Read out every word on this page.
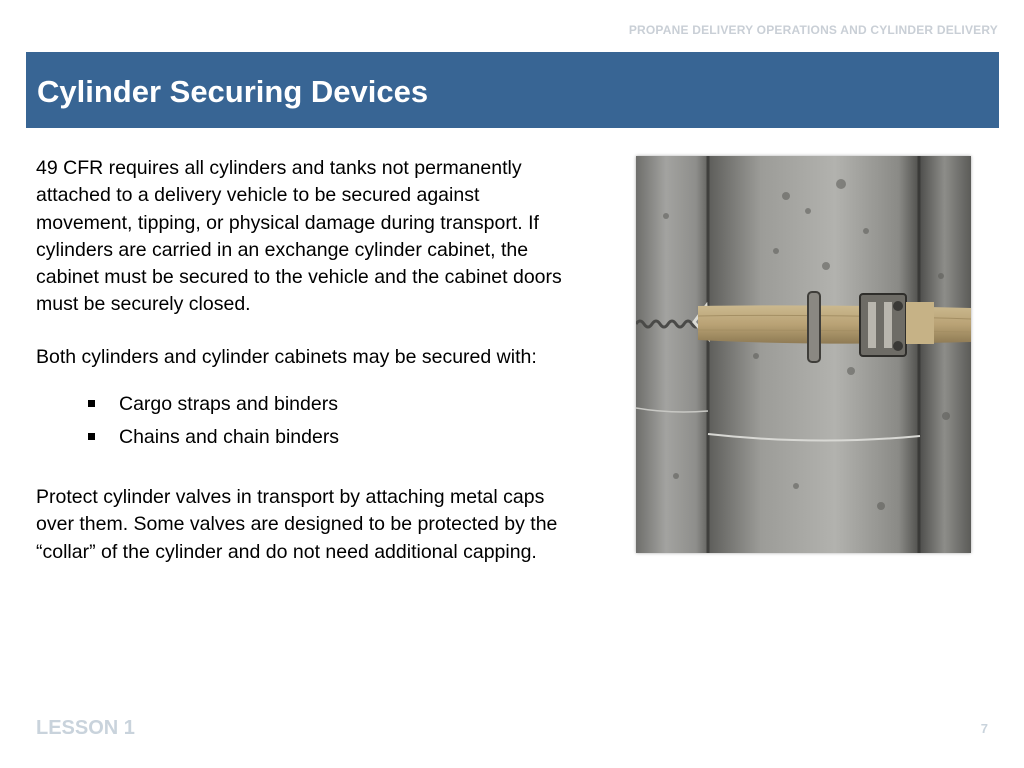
PROPANE DELIVERY OPERATIONS AND CYLINDER DELIVERY
Cylinder Securing Devices

49 CFR requires all cylinders and tanks not permanently attached to a delivery vehicle to be secured against movement, tipping, or physical damage during transport. If cylinders are carried in an exchange cylinder cabinet, the cabinet must be secured to the vehicle and the cabinet doors must be securely closed.

Both cylinders and cylinder cabinets may be secured with:

Cargo straps and binders
Chains and chain binders

Protect cylinder valves in transport by attaching metal caps over them. Some valves are designed to be protected by the “collar” of the cylinder and do not need additional capping.

LESSON 1	7
